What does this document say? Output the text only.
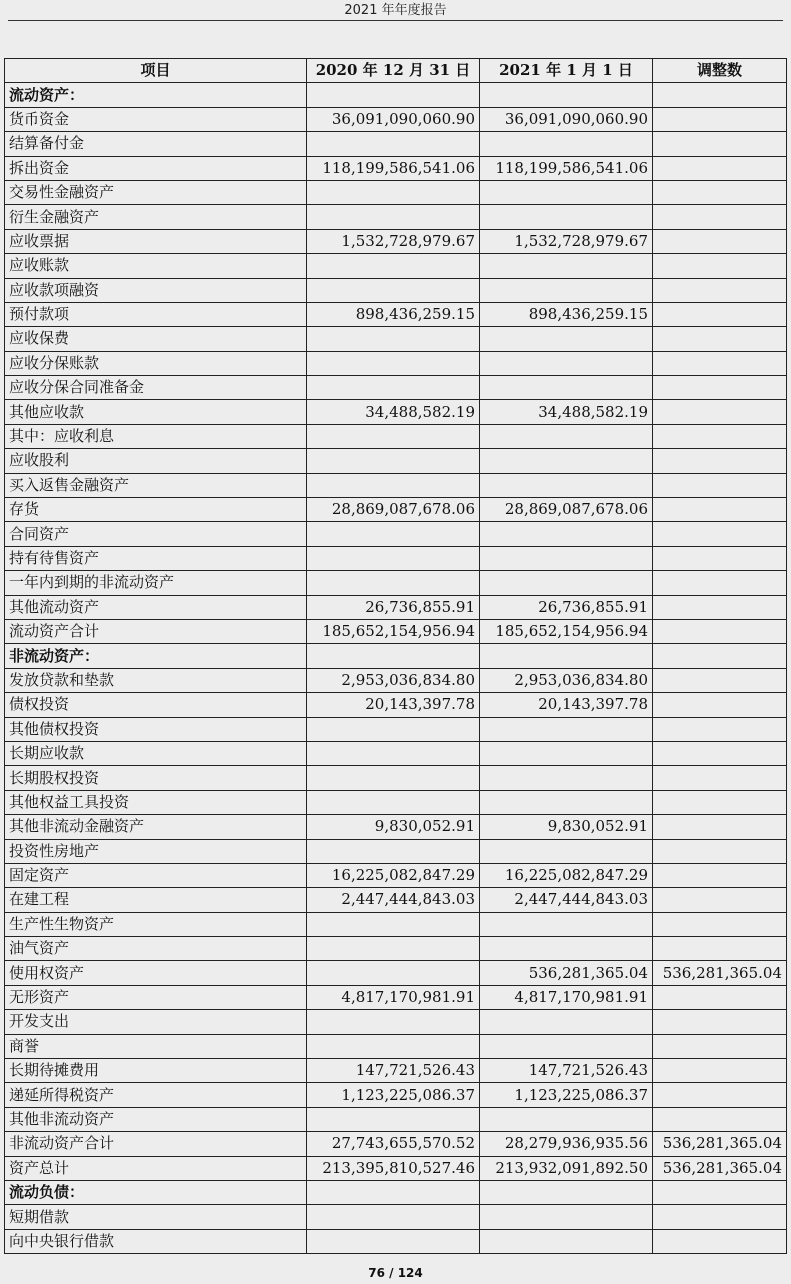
2021 年年度报告
项目	2020 年 12 月 31 日	2021 年 1 月 1 日	调整数
流动资产：			
货币资金	36,091,090,060.90	36,091,090,060.90	
结算备付金			
拆出资金	118,199,586,541.06	118,199,586,541.06	
交易性金融资产			
衍生金融资产			
应收票据	1,532,728,979.67	1,532,728,979.67	
应收账款			
应收款项融资			
预付款项	898,436,259.15	898,436,259.15	
应收保费			
应收分保账款			
应收分保合同准备金			
其他应收款	34,488,582.19	34,488,582.19	
其中：应收利息			
应收股利			
买入返售金融资产			
存货	28,869,087,678.06	28,869,087,678.06	
合同资产			
持有待售资产			
一年内到期的非流动资产			
其他流动资产	26,736,855.91	26,736,855.91	
流动资产合计	185,652,154,956.94	185,652,154,956.94	
非流动资产：			
发放贷款和垫款	2,953,036,834.80	2,953,036,834.80	
债权投资	20,143,397.78	20,143,397.78	
其他债权投资			
长期应收款			
长期股权投资			
其他权益工具投资			
其他非流动金融资产	9,830,052.91	9,830,052.91	
投资性房地产			
固定资产	16,225,082,847.29	16,225,082,847.29	
在建工程	2,447,444,843.03	2,447,444,843.03	
生产性生物资产			
油气资产			
使用权资产		536,281,365.04	536,281,365.04
无形资产	4,817,170,981.91	4,817,170,981.91	
开发支出			
商誉			
长期待摊费用	147,721,526.43	147,721,526.43	
递延所得税资产	1,123,225,086.37	1,123,225,086.37	
其他非流动资产			
非流动资产合计	27,743,655,570.52	28,279,936,935.56	536,281,365.04
资产总计	213,395,810,527.46	213,932,091,892.50	536,281,365.04
流动负债：			
短期借款			
向中央银行借款			
76 / 124
